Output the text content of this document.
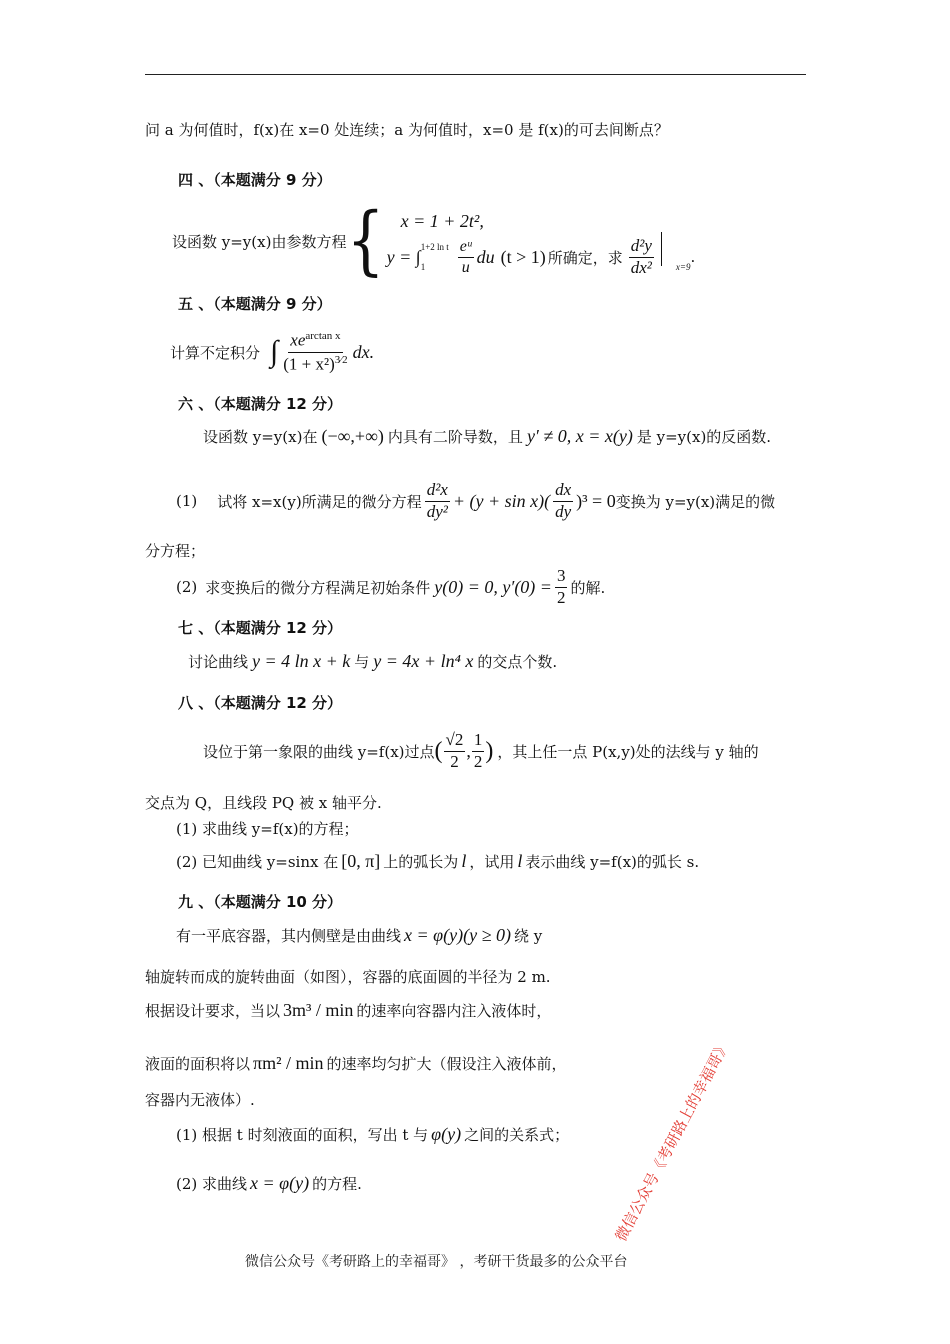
问 a 为何值时，f(x)在 x=0 处连续；a 为何值时，x=0 是 f(x)的可去间断点？
四 、（本题满分 9 分）
设函数 y=y(x)由参数方程 { x = 1 + 2t²,
y = ∫ 1+2 ln t
1	$\frac{\text{eᵘ}}{u}$ du (t > 1) 所确定，求 $\frac{\text{d²y}}{\text{dx²}} x=9$
.
五 、（本题满分 9 分）
计算不定积分 ∫ $\frac{xe^{arctan x}}{(1 + x^2)^{3⁄2}}$ dx.
六 、（本题满分 12 分）
设函数 y=y(x)在 (−∞,+∞) 内具有二阶导数，且 y′ ≠ 0, x = x(y) 是 y=y(x)的反函数.
(1) 试将 x=x(y)所满足的微分方程 $\frac{\text{d²x}}{\text{dy²}} + (y + \sin x)( \frac{dx}{dy} )^3 = 0$ 变换为 y=y(x)满足的微
分方程；
(2) 求变换后的微分方程满足初始条件 y(0) = 0, $y'(0) = \frac{3}{2}$ 的解.
七 、（本题满分 12 分）
讨论曲线 y = 4 ln x + k 与 y = 4x + ln⁴ x 的交点个数.
八 、（本题满分 12 分）
设位于第一象限的曲线 y=f(x)过点 ( $\frac{√2}{2}$ , $\frac{1}{2}$ ) ，其上任一点 P(x,y)处的法线与 y 轴的
交点为 Q，且线段 PQ 被 x 轴平分.
(1) 求曲线 y=f(x)的方程；
(2) 已知曲线 y=sinx 在 [0, π] 上的弧长为 l ，试用 l 表示曲线 y=f(x)的弧长 s.
九 、（本题满分 10 分）
有一平底容器，其内侧壁是由曲线 x = φ(y)(y ≥ 0) 绕 y
轴旋转而成的旋转曲面（如图），容器的底面圆的半径为 2 m.
根据设计要求，当以 3m³ / min 的速率向容器内注入液体时，
液面的面积将以 πm² / min 的速率均匀扩大（假设注入液体前，
容器内无液体）.
(1) 根据 t 时刻液面的面积，写出 t 与 φ(y) 之间的关系式；
(2) 求曲线 x = φ(y) 的方程.	微信公众号《考研路上的幸福哥》
微信公众号《考研路上的幸福哥》 ，考研干货最多的公众平台
